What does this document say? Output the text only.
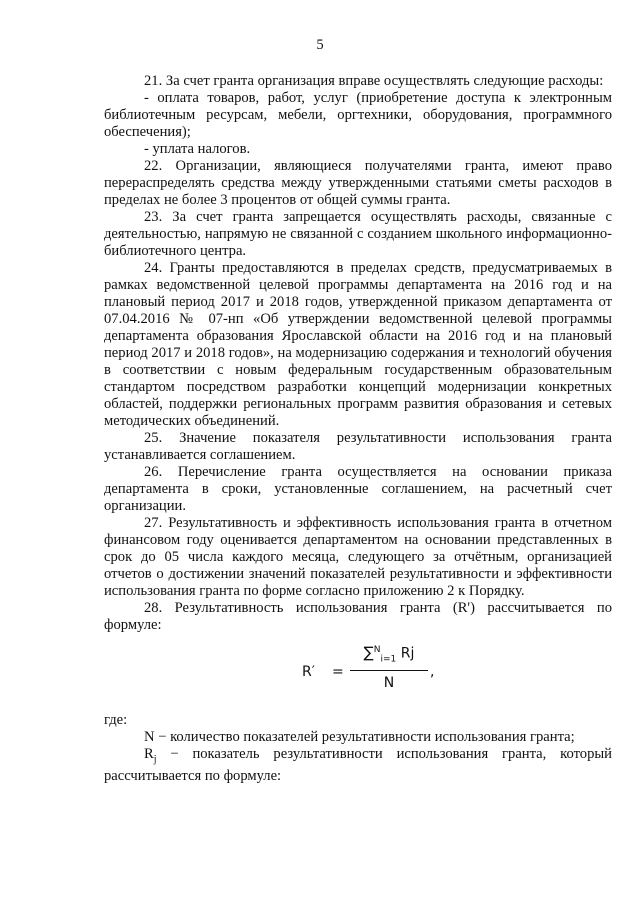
5

21. За счет гранта организация вправе осуществлять следующие расходы:

- оплата товаров, работ, услуг (приобретение доступа к электронным библиотечным ресурсам, мебели, оргтехники, оборудования, программного обеспечения);

- уплата налогов.

22. Организации, являющиеся получателями гранта, имеют право перераспределять средства между утвержденными статьями сметы расходов в пределах не более 3 процентов от общей суммы гранта.

23. За счет гранта запрещается осуществлять расходы, связанные с деятельностью, напрямую не связанной с созданием школьного информационно-библиотечного центра.

24. Гранты предоставляются в пределах средств, предусматриваемых в рамках ведомственной целевой программы департамента на 2016 год и на плановый период 2017 и 2018 годов, утвержденной приказом департамента от 07.04.2016 № 07-нп «Об утверждении ведомственной целевой программы департамента образования Ярославской области на 2016 год и на плановый период 2017 и 2018 годов», на модернизацию содержания и технологий обучения в соответствии с новым федеральным государственным образовательным стандартом посредством разработки концепций модернизации конкретных областей, поддержки региональных программ развития образования и сетевых методических объединений.

25. Значение показателя результативности использования гранта устанавливается соглашением.

26. Перечисление гранта осуществляется на основании приказа департамента в сроки, установленные соглашением, на расчетный счет организации.

27. Результативность и эффективность использования гранта в отчетном финансовом году оценивается департаментом на основании представленных в срок до 05 числа каждого месяца, следующего за отчётным, организацией отчетов о достижении значений показателей результативности и эффективности использования гранта по форме согласно приложению 2 к Порядку.

28. Результативность использования гранта (R') рассчитывается по формуле:

R′ =
∑$^N_{i=1}$ Rj
N
,

где:

N − количество показателей результативности использования гранта;

$R_j$ − показатель результативности использования гранта, который рассчитывается по формуле:
